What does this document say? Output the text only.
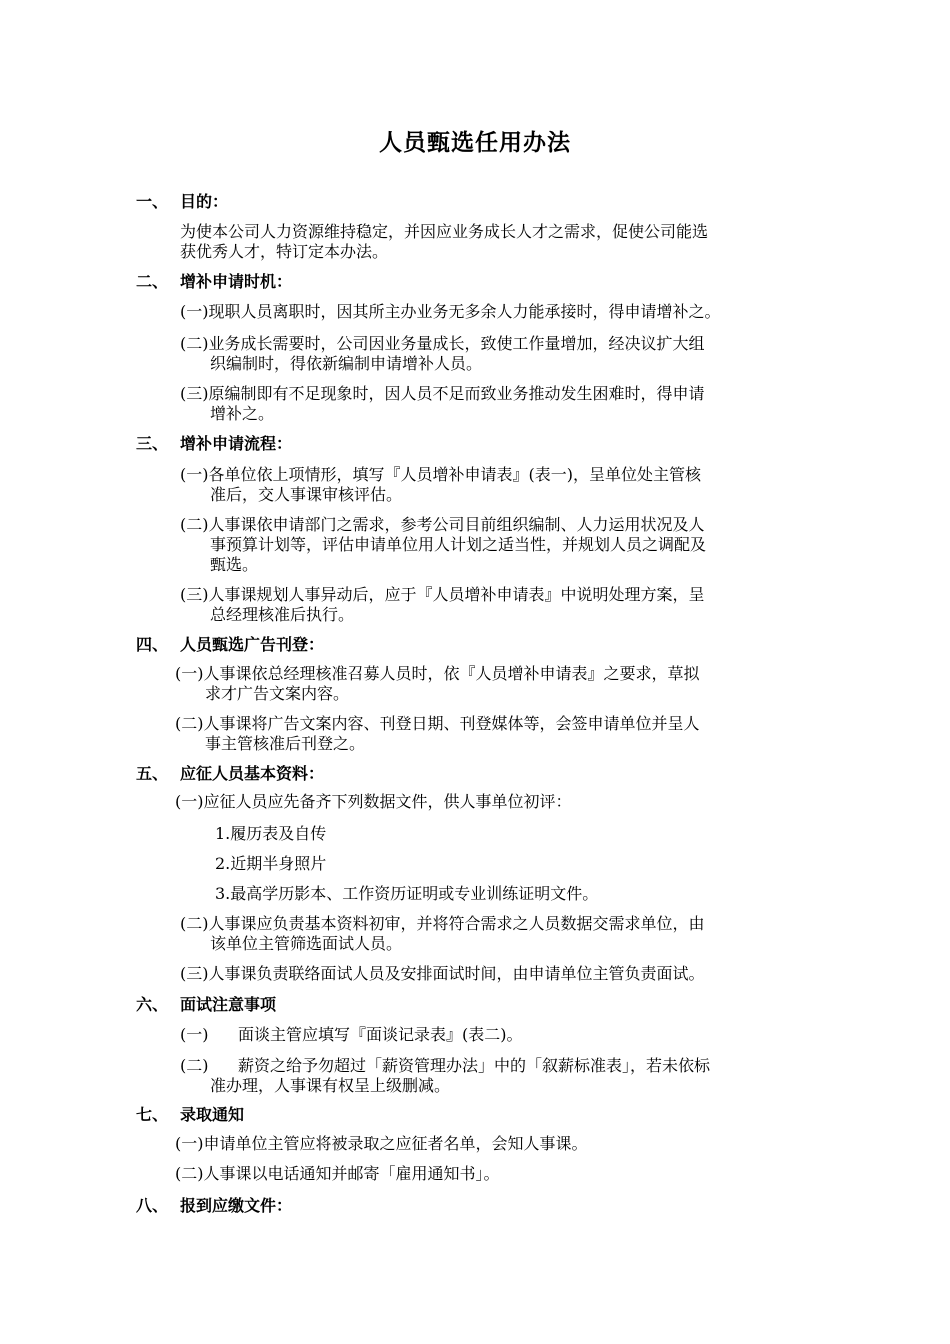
人员甄选任用办法
一、 目的：
为使本公司人力资源维持稳定，并因应业务成长人才之需求，促使公司能选
获优秀人才，特订定本办法。
二、 增补申请时机：
(一)现职人员离职时，因其所主办业务无多余人力能承接时，得申请增补之。
(二)业务成长需要时，公司因业务量成长，致使工作量增加，经决议扩大组
织编制时，得依新编制申请增补人员。
(三)原编制即有不足现象时，因人员不足而致业务推动发生困难时，得申请
增补之。
三、 增补申请流程：
(一)各单位依上项情形，填写『人员增补申请表』(表一)，呈单位处主管核
准后，交人事课审核评估。
(二)人事课依申请部门之需求，参考公司目前组织编制、人力运用状况及人
事预算计划等，评估申请单位用人计划之适当性，并规划人员之调配及
甄选。
(三)人事课规划人事异动后，应于『人员增补申请表』中说明处理方案，呈
总经理核准后执行。
四、 人员甄选广告刊登：
(一)人事课依总经理核准召募人员时，依『人员增补申请表』之要求，草拟
求才广告文案内容。
(二)人事课将广告文案内容、刊登日期、刊登媒体等，会签申请单位并呈人
事主管核准后刊登之。
五、 应征人员基本资料：
(一)应征人员应先备齐下列数据文件，供人事单位初评：
1.履历表及自传
2.近期半身照片
3.最高学历影本、工作资历证明或专业训练证明文件。
(二)人事课应负责基本资料初审，并将符合需求之人员数据交需求单位，由
该单位主管筛选面试人员。
(三)人事课负责联络面试人员及安排面试时间，由申请单位主管负责面试。
六、 面试注意事项
(一) 面谈主管应填写『面谈记录表』(表二)。
(二) 薪资之给予勿超过「薪资管理办法」中的「叙薪标准表」，若未依标
准办理，人事课有权呈上级删减。
七、 录取通知
(一)申请单位主管应将被录取之应征者名单，会知人事课。
(二)人事课以电话通知并邮寄「雇用通知书」。
八、 报到应缴文件：
